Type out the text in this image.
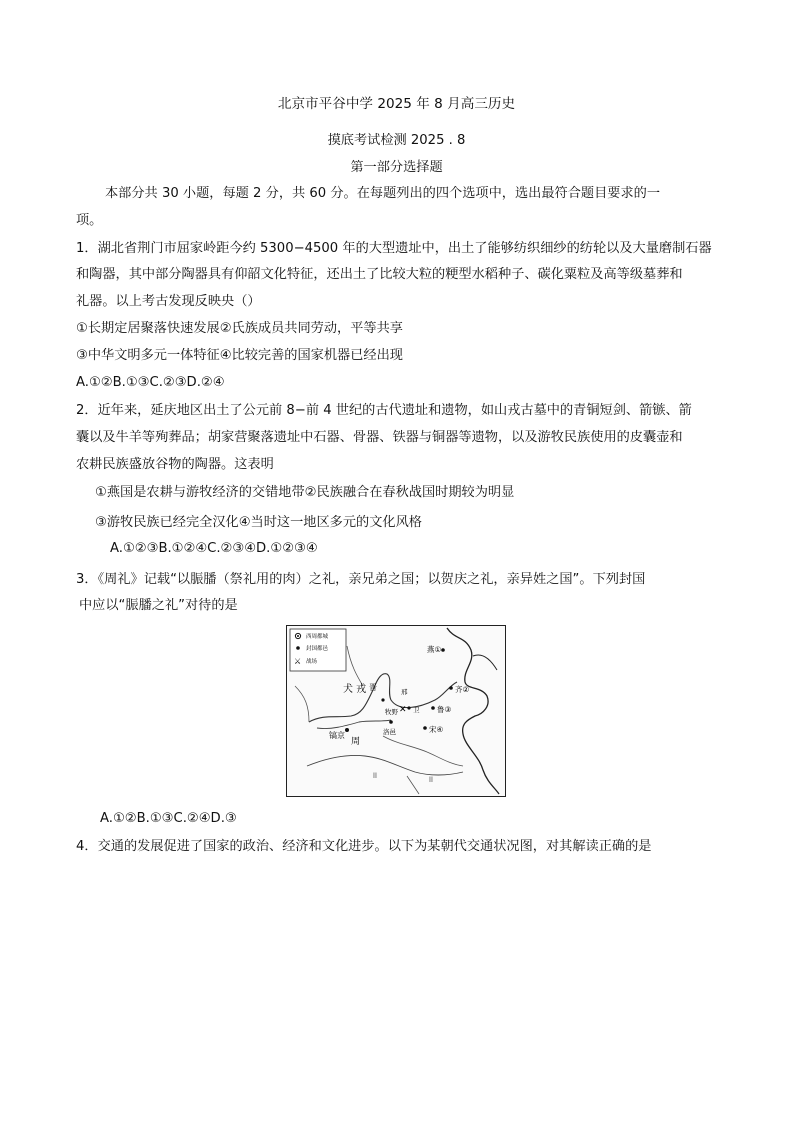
北京市平谷中学 2025 年 8 月高三历史
摸底考试检测 2025 . 8
第一部分选择题
本部分共 30 小题，每题 2 分，共 60 分。在每题列出的四个选项中，选出最符合题目要求的一
项。
1．湖北省荆门市屈家岭距今约 5300−4500 年的大型遗址中，出土了能够纺织细纱的纺轮以及大量磨制石器
和陶器，其中部分陶器具有仰韶文化特征，还出土了比较大粒的粳型水稻种子、碳化粟粒及高等级墓葬和
礼器。以上考古发现反映央（）
①长期定居聚落快速发展②氏族成员共同劳动，平等共享
③中华文明多元一体特征④比较完善的国家机器已经出现
A.①②B.①③C.②③D.②④
2．近年来，延庆地区出土了公元前 8−前 4 世纪的古代遗址和遗物，如山戎古墓中的青铜短剑、箭镞、箭
囊以及牛羊等殉葬品；胡家营聚落遗址中石器、骨器、铁器与铜器等遗物，以及游牧民族使用的皮囊壶和
农耕民族盛放谷物的陶器。这表明
①燕国是农耕与游牧经济的交错地带②民族融合在春秋战国时期较为明显
③游牧民族已经完全汉化④当时这一地区多元的文化风格
A.①②③B.①②④C.②③④D.①②③④
3．《周礼》记载“以脤膰（祭礼用的肉）之礼，亲兄弟之国；以贺庆之礼，亲异姓之国”。下列封国
中应以“脤膰之礼”对待的是
⚔
西周都城
封国都邑
战场
ll
ll
✕
犬 戎 晋	邢
牧野 卫
镐京
周
洛邑
燕①
齐②
鲁③
宋④
A.①②B.①③C.②④D.③
4．交通的发展促进了国家的政治、经济和文化进步。以下为某朝代交通状况图，对其解读正确的是
